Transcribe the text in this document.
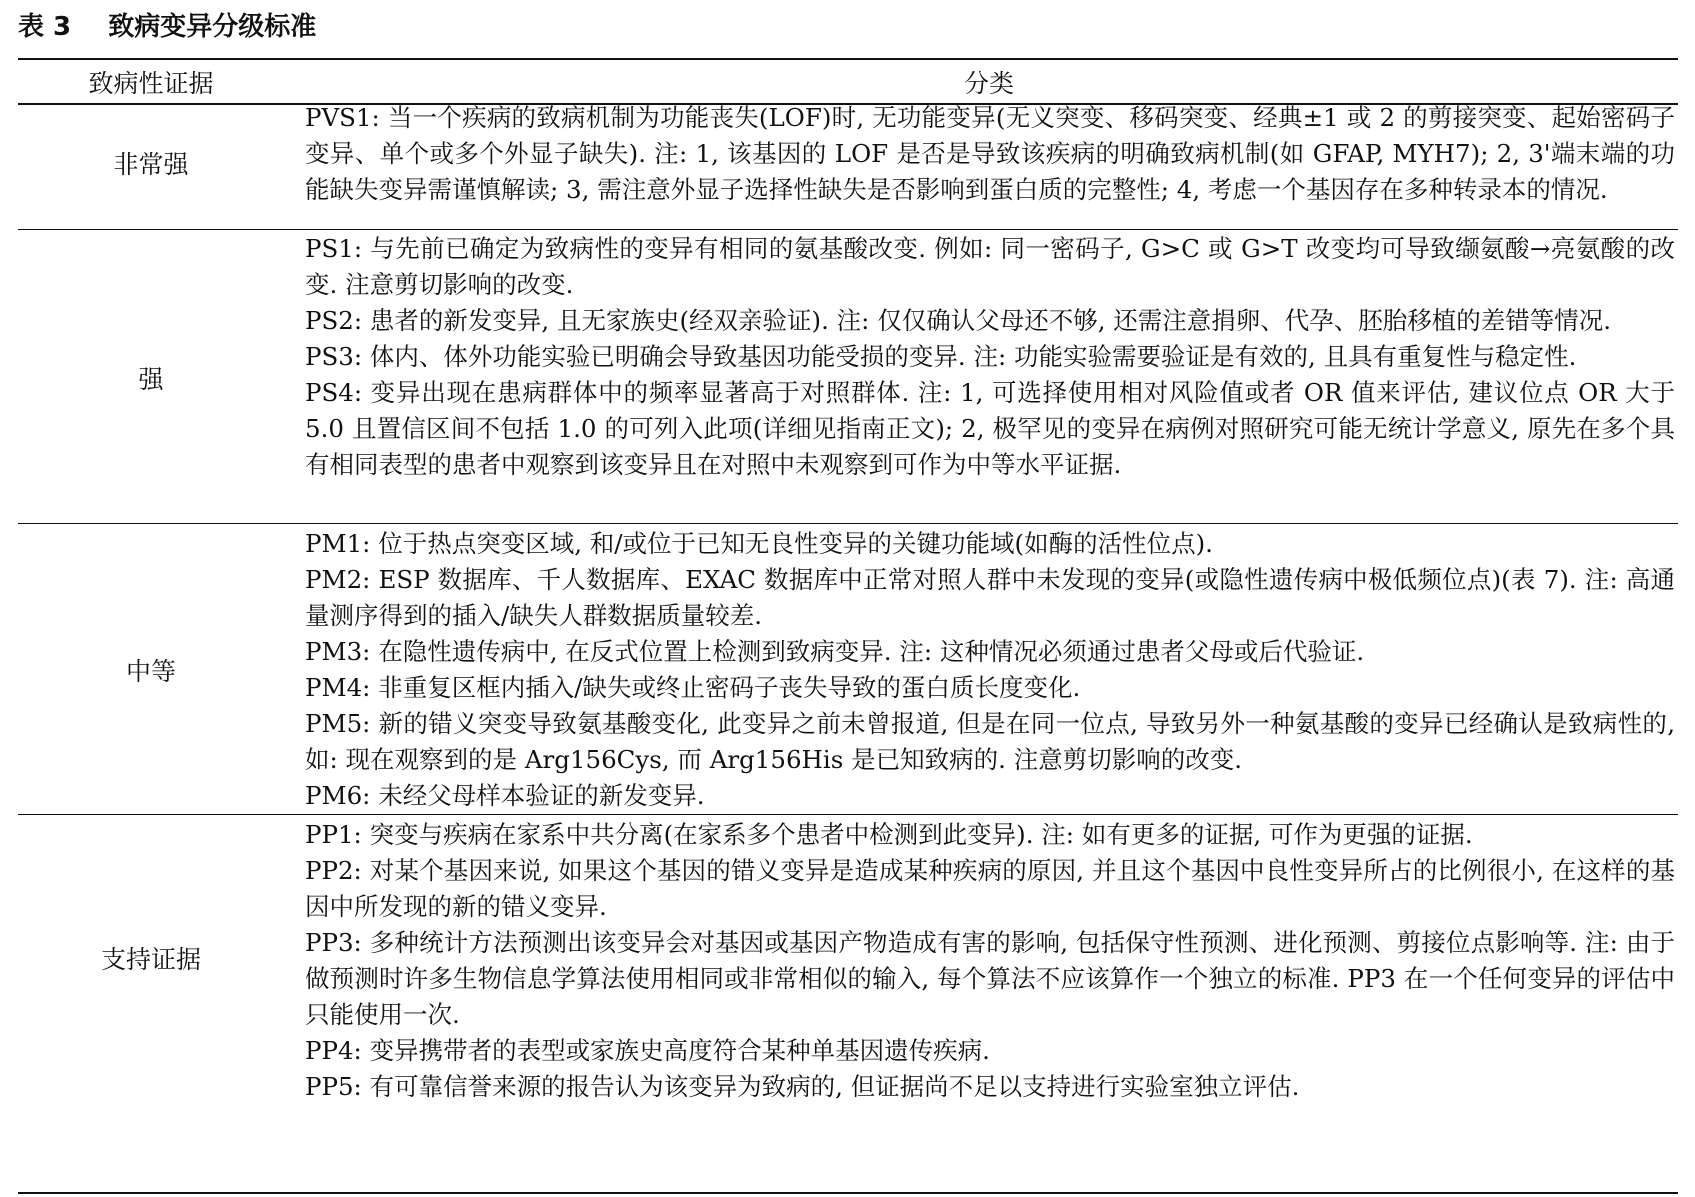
表 3 致病变异分级标准
致病性证据	分类
非常强

PVS1: 当一个疾病的致病机制为功能丧失(LOF)时, 无功能变异(无义突变、移码突变、经典±1 或 2 的剪接突变、起始密码子变异、单个或多个外显子缺失). 注: 1, 该基因的 LOF 是否是导致该疾病的明确致病机制(如 GFAP, MYH7); 2, 3'端末端的功能缺失变异需谨慎解读; 3, 需注意外显子选择性缺失是否影响到蛋白质的完整性; 4, 考虑一个基因存在多种转录本的情况.

强

PS1: 与先前已确定为致病性的变异有相同的氨基酸改变. 例如: 同一密码子, G>C 或 G>T 改变均可导致缬氨酸→亮氨酸的改变. 注意剪切影响的改变.

PS2: 患者的新发变异, 且无家族史(经双亲验证). 注: 仅仅确认父母还不够, 还需注意捐卵、代孕、胚胎移植的差错等情况.

PS3: 体内、体外功能实验已明确会导致基因功能受损的变异. 注: 功能实验需要验证是有效的, 且具有重复性与稳定性.

PS4: 变异出现在患病群体中的频率显著高于对照群体. 注: 1, 可选择使用相对风险值或者 OR 值来评估, 建议位点 OR 大于 5.0 且置信区间不包括 1.0 的可列入此项(详细见指南正文); 2, 极罕见的变异在病例对照研究可能无统计学意义, 原先在多个具有相同表型的患者中观察到该变异且在对照中未观察到可作为中等水平证据.

中等

PM1: 位于热点突变区域, 和/或位于已知无良性变异的关键功能域(如酶的活性位点).

PM2: ESP 数据库、千人数据库、EXAC 数据库中正常对照人群中未发现的变异(或隐性遗传病中极低频位点)(表 7). 注: 高通量测序得到的插入/缺失人群数据质量较差.

PM3: 在隐性遗传病中, 在反式位置上检测到致病变异. 注: 这种情况必须通过患者父母或后代验证.

PM4: 非重复区框内插入/缺失或终止密码子丧失导致的蛋白质长度变化.

PM5: 新的错义突变导致氨基酸变化, 此变异之前未曾报道, 但是在同一位点, 导致另外一种氨基酸的变异已经确认是致病性的, 如: 现在观察到的是 Arg156Cys, 而 Arg156His 是已知致病的. 注意剪切影响的改变.

PM6: 未经父母样本验证的新发变异.

支持证据

PP1: 突变与疾病在家系中共分离(在家系多个患者中检测到此变异). 注: 如有更多的证据, 可作为更强的证据.

PP2: 对某个基因来说, 如果这个基因的错义变异是造成某种疾病的原因, 并且这个基因中良性变异所占的比例很小, 在这样的基因中所发现的新的错义变异.

PP3: 多种统计方法预测出该变异会对基因或基因产物造成有害的影响, 包括保守性预测、进化预测、剪接位点影响等. 注: 由于做预测时许多生物信息学算法使用相同或非常相似的输入, 每个算法不应该算作一个独立的标准. PP3 在一个任何变异的评估中只能使用一次.

PP4: 变异携带者的表型或家族史高度符合某种单基因遗传疾病.

PP5: 有可靠信誉来源的报告认为该变异为致病的, 但证据尚不足以支持进行实验室独立评估.
